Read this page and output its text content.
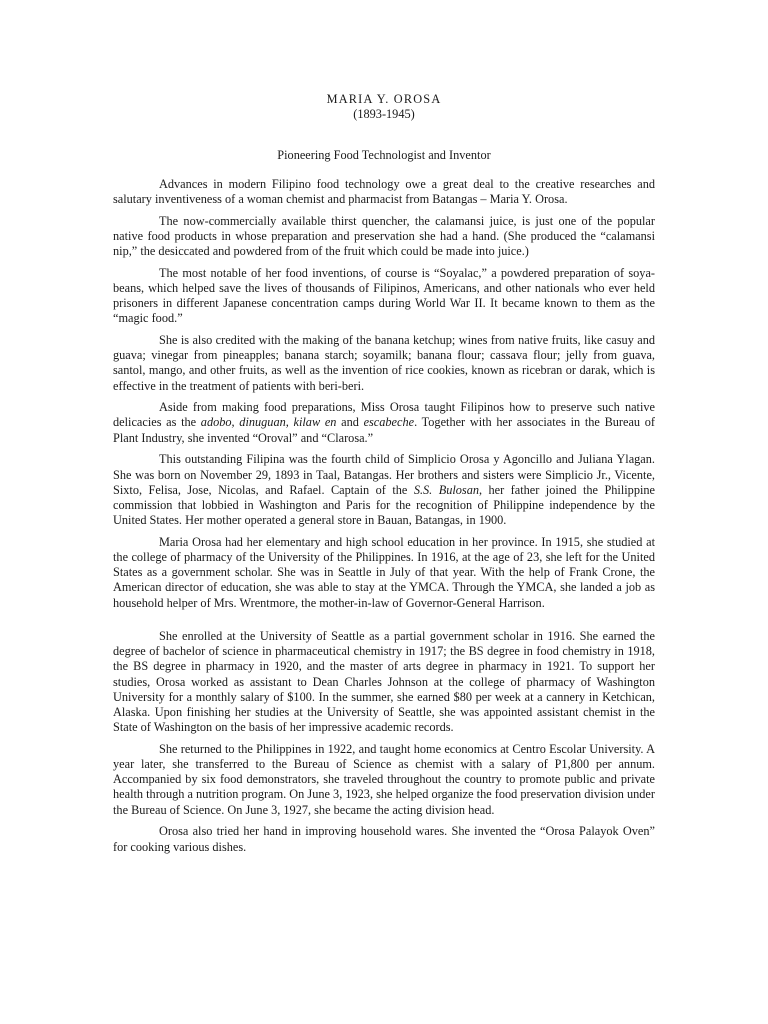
MARIA Y. OROSA

(1893-1945)

Pioneering Food Technologist and Inventor

Advances in modern Filipino food technology owe a great deal to the creative researches and salutary inventiveness of a woman chemist and pharmacist from Batangas – Maria Y. Orosa.

The now-commercially available thirst quencher, the calamansi juice, is just one of the popular native food products in whose preparation and preservation she had a hand. (She produced the “calamansi nip,” the desiccated and powdered from of the fruit which could be made into juice.)

The most notable of her food inventions, of course is “Soyalac,” a powdered preparation of soya-beans, which helped save the lives of thousands of Filipinos, Americans, and other nationals who ever held prisoners in different Japanese concentration camps during World War II. It became known to them as the “magic food.”

She is also credited with the making of the banana ketchup; wines from native fruits, like casuy and guava; vinegar from pineapples; banana starch; soyamilk; banana flour; cassava flour; jelly from guava, santol, mango, and other fruits, as well as the invention of rice cookies, known as ricebran or darak, which is effective in the treatment of patients with beri-beri.

Aside from making food preparations, Miss Orosa taught Filipinos how to preserve such native delicacies as the adobo, dinuguan, kilaw en and escabeche. Together with her associates in the Bureau of Plant Industry, she invented “Oroval” and “Clarosa.”

This outstanding Filipina was the fourth child of Simplicio Orosa y Agoncillo and Juliana Ylagan. She was born on November 29, 1893 in Taal, Batangas. Her brothers and sisters were Simplicio Jr., Vicente, Sixto, Felisa, Jose, Nicolas, and Rafael. Captain of the S.S. Bulosan, her father joined the Philippine commission that lobbied in Washington and Paris for the recognition of Philippine independence by the United States. Her mother operated a general store in Bauan, Batangas, in 1900.

Maria Orosa had her elementary and high school education in her province. In 1915, she studied at the college of pharmacy of the University of the Philippines. In 1916, at the age of 23, she left for the United States as a government scholar. She was in Seattle in July of that year. With the help of Frank Crone, the American director of education, she was able to stay at the YMCA. Through the YMCA, she landed a job as household helper of Mrs. Wrentmore, the mother-in-law of Governor-General Harrison.

She enrolled at the University of Seattle as a partial government scholar in 1916. She earned the degree of bachelor of science in pharmaceutical chemistry in 1917; the BS degree in food chemistry in 1918, the BS degree in pharmacy in 1920, and the master of arts degree in pharmacy in 1921. To support her studies, Orosa worked as assistant to Dean Charles Johnson at the college of pharmacy of Washington University for a monthly salary of $100. In the summer, she earned $80 per week at a cannery in Ketchican, Alaska. Upon finishing her studies at the University of Seattle, she was appointed assistant chemist in the State of Washington on the basis of her impressive academic records.

She returned to the Philippines in 1922, and taught home economics at Centro Escolar University. A year later, she transferred to the Bureau of Science as chemist with a salary of P1,800 per annum. Accompanied by six food demonstrators, she traveled throughout the country to promote public and private health through a nutrition program. On June 3, 1923, she helped organize the food preservation division under the Bureau of Science. On June 3, 1927, she became the acting division head.

Orosa also tried her hand in improving household wares. She invented the “Orosa Palayok Oven” for cooking various dishes.
